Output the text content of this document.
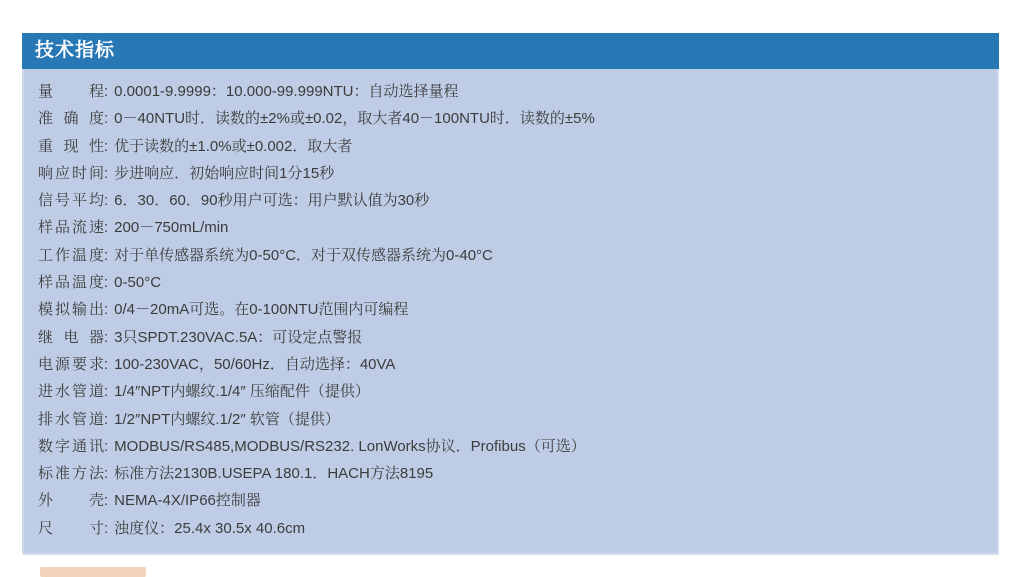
技术指标
量 程: 0.0001-9.9999：10.000-99.999NTU：自动选择量程
准 确 度: 0－40NTU时．读数的±2%或±0.02，取大者40－100NTU时．读数的±5%
重 现 性: 优于读数的±1.0%或±0.002．取大者
响应时间: 步进响应．初始响应时间1分15秒
信号平均: 6．30．60．90秒用户可选：用户默认值为30秒
样品流速: 200－750mL/min
工作温度: 对于单传感器系统为0-50°C．对于双传感器系统为0-40°C
样品温度: 0-50°C
模拟输出: 0/4－20mA可选。在0-100NTU范围内可编程
继 电 器: 3只SPDT.230VAC.5A：可设定点警报
电源要求: 100-230VAC，50/60Hz．自动选择：40VA
进水管道: 1/4″NPT内螺纹.1/4″ 压缩配件（提供）
排水管道: 1/2″NPT内螺纹.1/2″ 软管（提供）
数字通讯: MODBUS/RS485,MODBUS/RS232. LonWorks协议．Profibus（可选）
标准方法: 标准方法2130B.USEPA 180.1．HACH方法8195
外 壳: NEMA-4X/IP66控制器
尺 寸: 浊度仪：25.4x 30.5x 40.6cm
